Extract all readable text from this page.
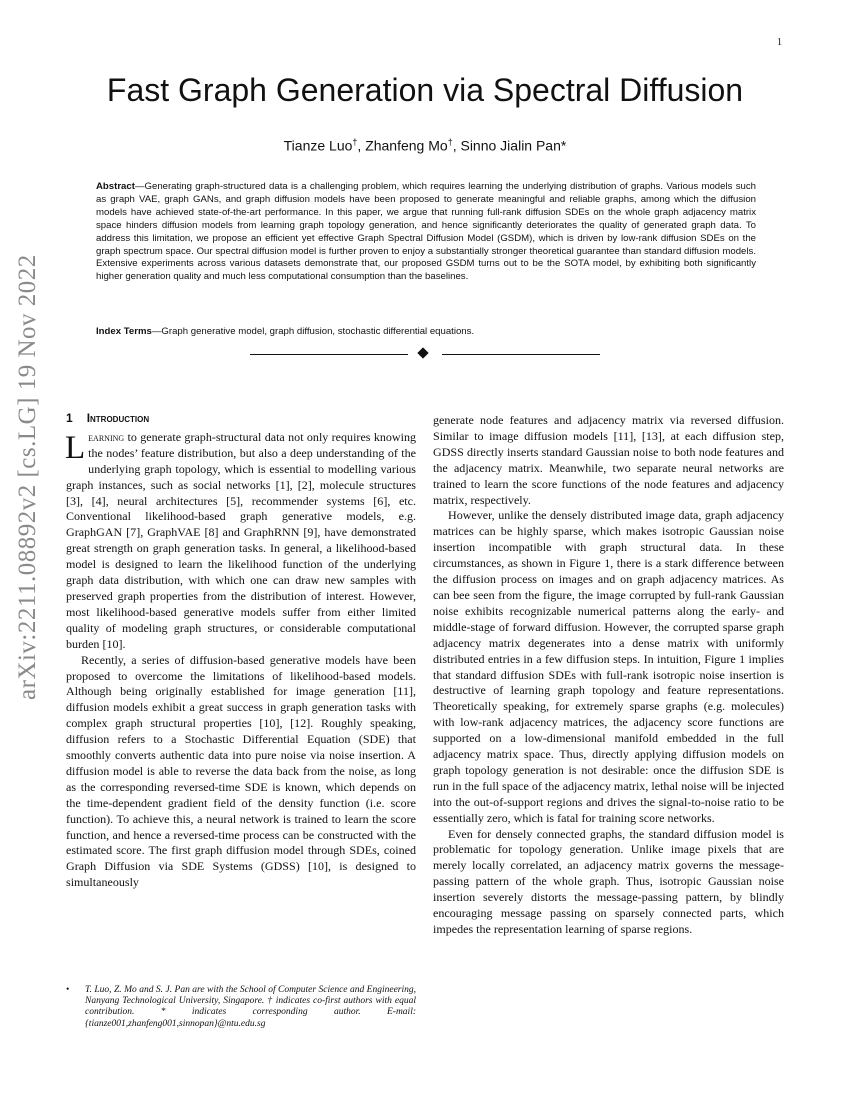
1
arXiv:2211.08892v2 [cs.LG] 19 Nov 2022
Fast Graph Generation via Spectral Diffusion
Tianze Luo†, Zhanfeng Mo†, Sinno Jialin Pan*
Abstract—Generating graph-structured data is a challenging problem, which requires learning the underlying distribution of graphs. Various models such as graph VAE, graph GANs, and graph diffusion models have been proposed to generate meaningful and reliable graphs, among which the diffusion models have achieved state-of-the-art performance. In this paper, we argue that running full-rank diffusion SDEs on the whole graph adjacency matrix space hinders diffusion models from learning graph topology generation, and hence significantly deteriorates the quality of generated graph data. To address this limitation, we propose an efficient yet effective Graph Spectral Diffusion Model (GSDM), which is driven by low-rank diffusion SDEs on the graph spectrum space. Our spectral diffusion model is further proven to enjoy a substantially stronger theoretical guarantee than standard diffusion models. Extensive experiments across various datasets demonstrate that, our proposed GSDM turns out to be the SOTA model, by exhibiting both significantly higher generation quality and much less computational consumption than the baselines.
Index Terms—Graph generative model, graph diffusion, stochastic differential equations.
1 Introduction

Learning to generate graph-structural data not only requires knowing the nodes’ feature distribution, but also a deep understanding of the underlying graph topology, which is essential to modelling various graph instances, such as social networks [1], [2], molecule structures [3], [4], neural architectures [5], recommender systems [6], etc. Conventional likelihood-based graph generative models, e.g. GraphGAN [7], GraphVAE [8] and GraphRNN [9], have demonstrated great strength on graph generation tasks. In general, a likelihood-based model is designed to learn the likelihood function of the underlying graph data distribution, with which one can draw new samples with preserved graph properties from the distribution of interest. However, most likelihood-based generative models suffer from either limited quality of modeling graph structures, or considerable computational burden [10].

Recently, a series of diffusion-based generative models have been proposed to overcome the limitations of likelihood-based models. Although being originally established for image generation [11], diffusion models exhibit a great success in graph generation tasks with complex graph structural properties [10], [12]. Roughly speaking, diffusion refers to a Stochastic Differential Equation (SDE) that smoothly converts authentic data into pure noise via noise insertion. A diffusion model is able to reverse the data back from the noise, as long as the corresponding reversed-time SDE is known, which depends on the time-dependent gradient field of the density function (i.e. score function). To achieve this, a neural network is trained to learn the score function, and hence a reversed-time process can be constructed with the estimated score. The first graph diffusion model through SDEs, coined Graph Diffusion via SDE Systems (GDSS) [10], is designed to simultaneously

generate node features and adjacency matrix via reversed diffusion. Similar to image diffusion models [11], [13], at each diffusion step, GDSS directly inserts standard Gaussian noise to both node features and the adjacency matrix. Meanwhile, two separate neural networks are trained to learn the score functions of the node features and adjacency matrix, respectively.

However, unlike the densely distributed image data, graph adjacency matrices can be highly sparse, which makes isotropic Gaussian noise insertion incompatible with graph structural data. In these circumstances, as shown in Figure 1, there is a stark difference between the diffusion process on images and on graph adjacency matrices. As can bee seen from the figure, the image corrupted by full-rank Gaussian noise exhibits recognizable numerical patterns along the early- and middle-stage of forward diffusion. However, the corrupted sparse graph adjacency matrix degenerates into a dense matrix with uniformly distributed entries in a few diffusion steps. In intuition, Figure 1 implies that standard diffusion SDEs with full-rank isotropic noise insertion is destructive of learning graph topology and feature representations. Theoretically speaking, for extremely sparse graphs (e.g. molecules) with low-rank adjacency matrices, the adjacency score functions are supported on a low-dimensional manifold embedded in the full adjacency matrix space. Thus, directly applying diffusion models on graph topology generation is not desirable: once the diffusion SDE is run in the full space of the adjacency matrix, lethal noise will be injected into the out-of-support regions and drives the signal-to-noise ratio to be essentially zero, which is fatal for training score networks.

Even for densely connected graphs, the standard diffusion model is problematic for topology generation. Unlike image pixels that are merely locally correlated, an adjacency matrix governs the message-passing pattern of the whole graph. Thus, isotropic Gaussian noise insertion severely distorts the message-passing pattern, by blindly encouraging message passing on sparsely connected parts, which impedes the representation learning of sparse regions.

• T. Luo, Z. Mo and S. J. Pan are with the School of Computer Science and Engineering, Nanyang Technological University, Singapore. † indicates co-first authors with equal contribution. * indicates corresponding author. E-mail: {tianze001,zhanfeng001,sinnopan}@ntu.edu.sg
